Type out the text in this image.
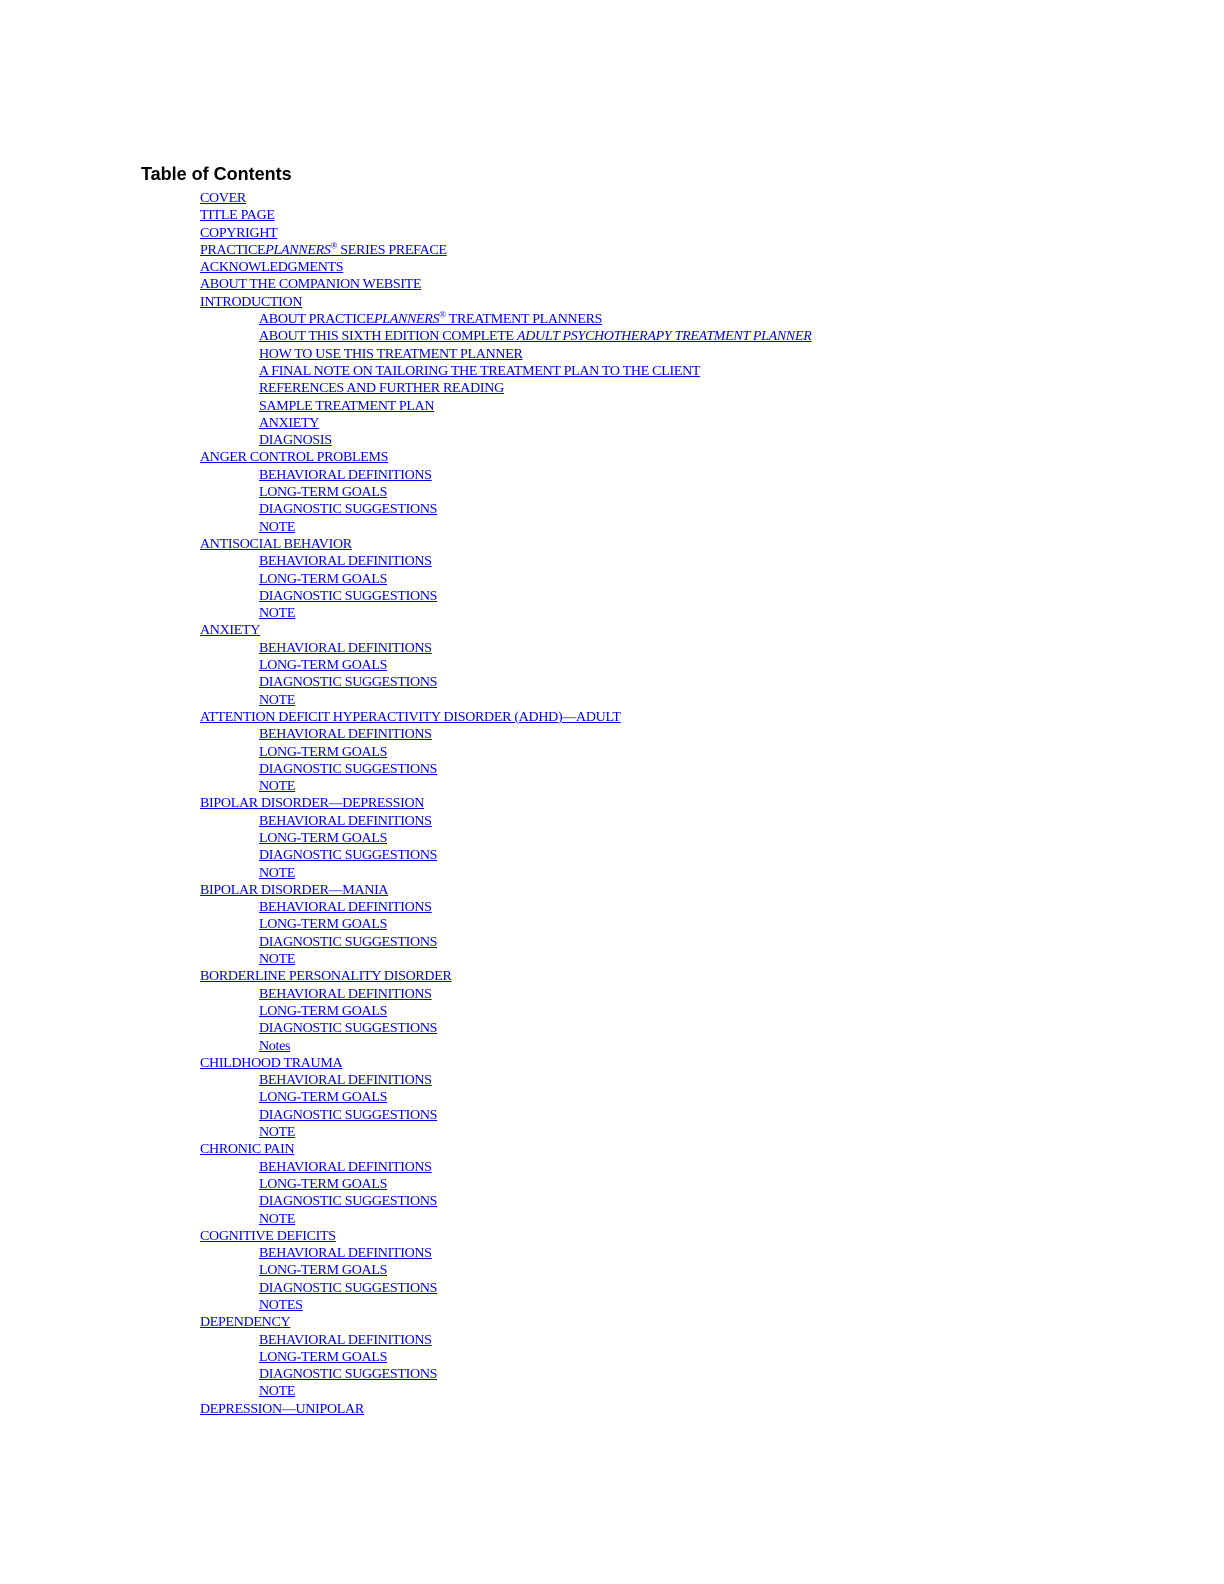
Table of Contents
COVER
TITLE PAGE
COPYRIGHT
PRACTICEPLANNERS® SERIES PREFACE
ACKNOWLEDGMENTS
ABOUT THE COMPANION WEBSITE
INTRODUCTION
ABOUT PRACTICEPLANNERS® TREATMENT PLANNERS
ABOUT THIS SIXTH EDITION COMPLETE ADULT PSYCHOTHERAPY TREATMENT PLANNER
HOW TO USE THIS TREATMENT PLANNER
A FINAL NOTE ON TAILORING THE TREATMENT PLAN TO THE CLIENT
REFERENCES AND FURTHER READING
SAMPLE TREATMENT PLAN
ANXIETY
DIAGNOSIS
ANGER CONTROL PROBLEMS
BEHAVIORAL DEFINITIONS
LONG-TERM GOALS
DIAGNOSTIC SUGGESTIONS
NOTE
ANTISOCIAL BEHAVIOR
BEHAVIORAL DEFINITIONS
LONG-TERM GOALS
DIAGNOSTIC SUGGESTIONS
NOTE
ANXIETY
BEHAVIORAL DEFINITIONS
LONG-TERM GOALS
DIAGNOSTIC SUGGESTIONS
NOTE
ATTENTION DEFICIT HYPERACTIVITY DISORDER (ADHD)—ADULT
BEHAVIORAL DEFINITIONS
LONG-TERM GOALS
DIAGNOSTIC SUGGESTIONS
NOTE
BIPOLAR DISORDER—DEPRESSION
BEHAVIORAL DEFINITIONS
LONG-TERM GOALS
DIAGNOSTIC SUGGESTIONS
NOTE
BIPOLAR DISORDER—MANIA
BEHAVIORAL DEFINITIONS
LONG-TERM GOALS
DIAGNOSTIC SUGGESTIONS
NOTE
BORDERLINE PERSONALITY DISORDER
BEHAVIORAL DEFINITIONS
LONG-TERM GOALS
DIAGNOSTIC SUGGESTIONS
Notes
CHILDHOOD TRAUMA
BEHAVIORAL DEFINITIONS
LONG-TERM GOALS
DIAGNOSTIC SUGGESTIONS
NOTE
CHRONIC PAIN
BEHAVIORAL DEFINITIONS
LONG-TERM GOALS
DIAGNOSTIC SUGGESTIONS
NOTE
COGNITIVE DEFICITS
BEHAVIORAL DEFINITIONS
LONG-TERM GOALS
DIAGNOSTIC SUGGESTIONS
NOTES
DEPENDENCY
BEHAVIORAL DEFINITIONS
LONG-TERM GOALS
DIAGNOSTIC SUGGESTIONS
NOTE
DEPRESSION—UNIPOLAR
